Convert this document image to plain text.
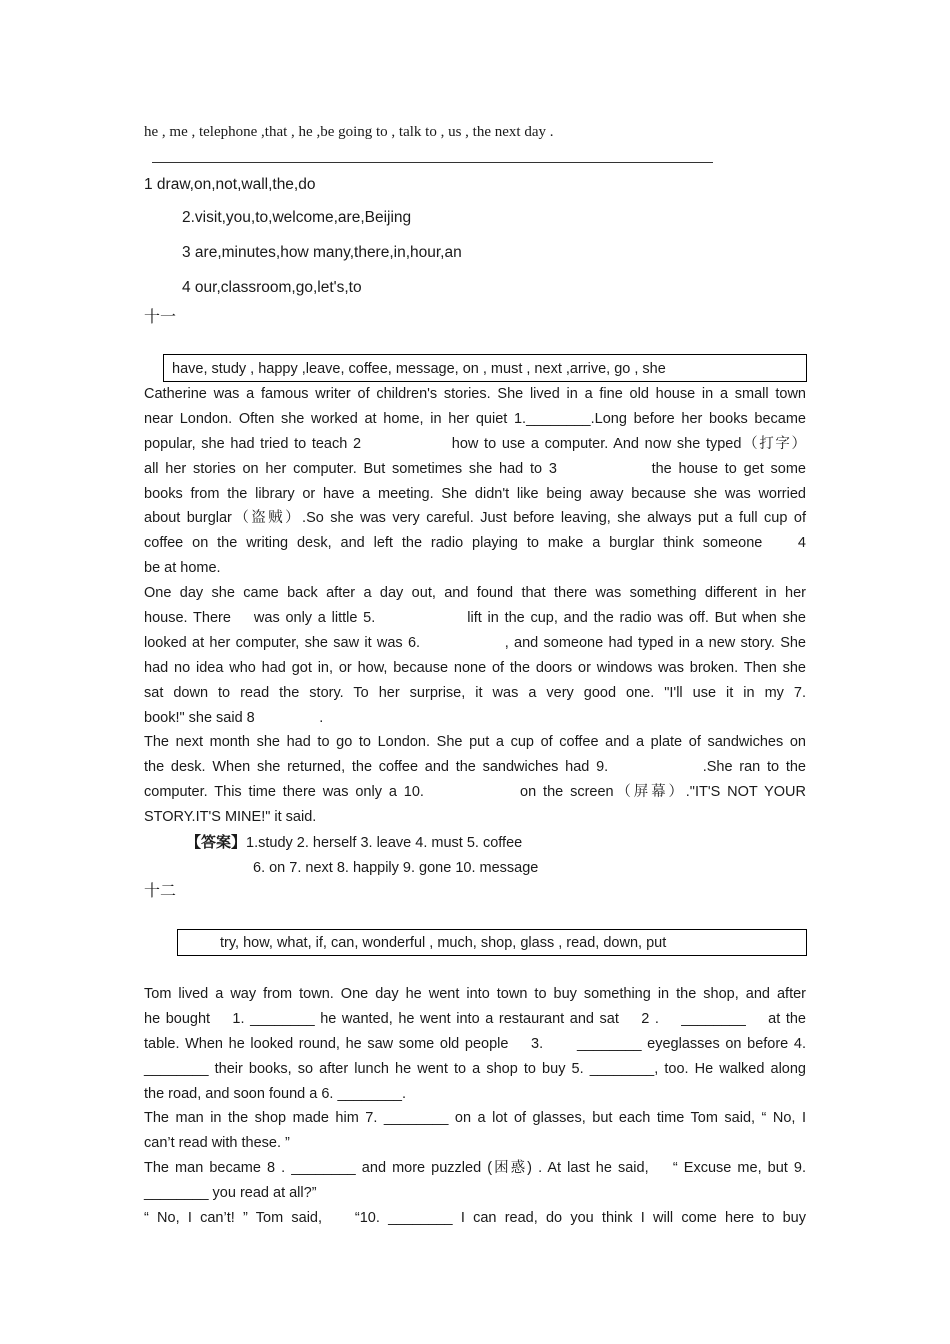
he , me , telephone ,that , he ,be going to , talk to , us , the next day .
1 draw,on,not,wall,the,do
2.visit,you,to,welcome,are,Beijing
3 are,minutes,how many,there,in,hour,an
4 our,classroom,go,let's,to
十一
have, study , happy ,leave, coffee, message, on , must , next ,arrive, go , she
Catherine was a famous writer of children's stories. She lived in a fine old house in a small town
near London. Often she worked at home, in her quiet 1.________.Long before her books became
popular, she had tried to teach 2                how to use a computer. And now she typed（打字）
all her stories on her computer. But sometimes she had to 3              the house to get some
books from the library or have a meeting. She didn't like being away because she was worried
about burglar（盗贼）.So she was very careful. Just before leaving, she always put a full cup of
coffee on the writing desk, and left the radio playing to make a burglar think someone    4
be at home.
One day she came back after a day out, and found that there was something different in her
house. There    was only a little 5.                lift in the cup, and the radio was off. But when she
looked at her computer, she saw it was 6.                , and someone had typed in a new story. She
had no idea who had got in, or how, because none of the doors or windows was broken. Then she
sat down to read the story. To her surprise, it was a very good one. "I'll use it in my 7.
book!" she said 8                .
The next month she had to go to London. She put a cup of coffee and a plate of sandwiches on
the desk. When she returned, the coffee and the sandwiches had 9.              .She ran to the
computer. This time there was only a 10.              on the screen（屏幕）."IT'S NOT YOUR
STORY.IT'S MINE!" it said.
【答案】1.study 2. herself 3. leave 4. must 5. coffee
6. on 7. next 8. happily 9. gone 10. message
十二
try, how, what, if, can, wonderful , much, shop, glass , read, down, put
Tom lived a way from town. One day he went into town to buy something in the shop, and after
he bought    1. ________ he wanted, he went into a restaurant and sat    2 .    ________    at the
table. When he looked round, he saw some old people    3.      ________ eyeglasses on before 4.
________ their books, so after lunch he went to a shop to buy 5. ________, too. He walked along
the road, and soon found a 6. ________.
The man in the shop made him 7. ________ on a lot of glasses, but each time Tom said, “ No, I
can’t read with these. ”
The man became 8 . ________ and more puzzled (困惑) . At last he said,    “ Excuse me, but 9.
________ you read at all?”
“ No, I can’t! ” Tom said,    “10. ________ I can read, do you think I will come here to buy
